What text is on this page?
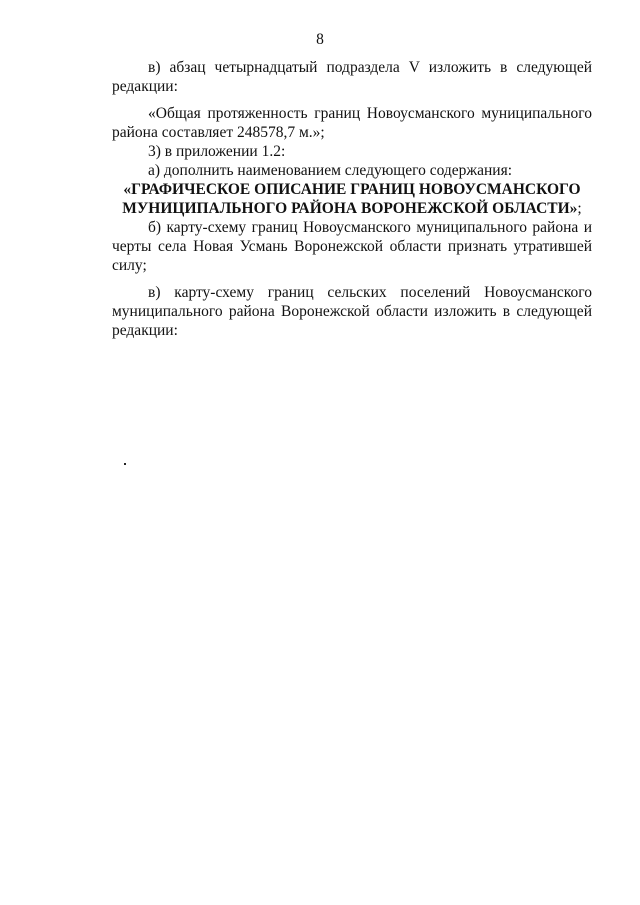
8

в) абзац четырнадцатый подраздела V изложить в следующей редакции:

«Общая протяженность границ Новоусманского муниципального района составляет 248578,7 м.»;

3) в приложении 1.2:

а) дополнить наименованием следующего содержания:

«ГРАФИЧЕСКОЕ ОПИСАНИЕ ГРАНИЦ НОВОУСМАНСКОГО
МУНИЦИПАЛЬНОГО РАЙОНА ВОРОНЕЖСКОЙ ОБЛАСТИ»;

б) карту-схему границ Новоусманского муниципального района и черты села Новая Усмань Воронежской области признать утратившей силу;

в) карту-схему границ сельских поселений Новоусманского муниципального района Воронежской области изложить в следующей редакции:
